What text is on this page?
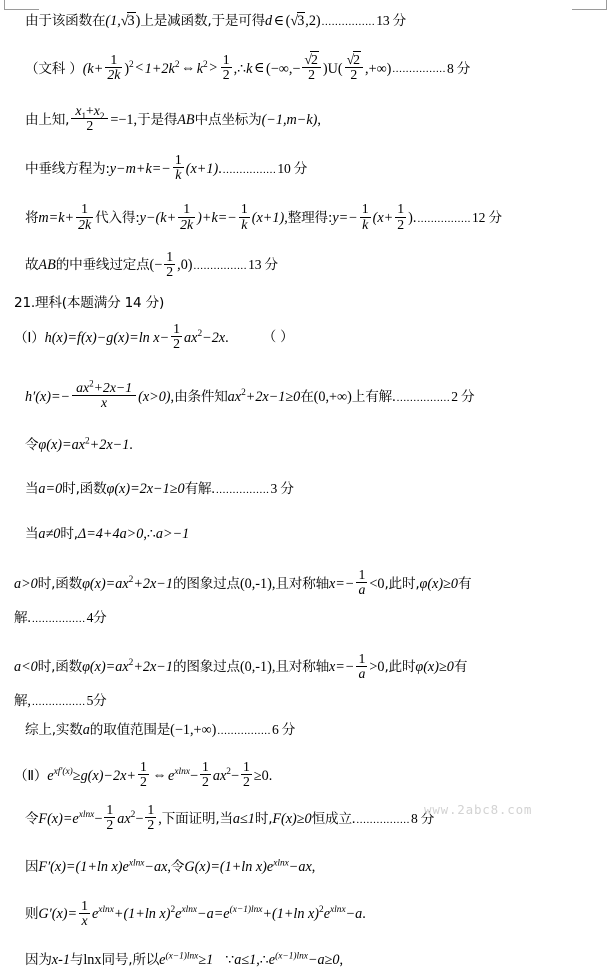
由于该函数在(1,√3)上是减函数,于是可得d ∈ (√3,2)................13 分
（文科 ）$(k+ \frac{1}{2k} )^2 < 1+2k^2$ ⇔ $k^2 > \frac{1}{2}$ ,∴k ∈ (−∞,− $\frac{√2}{2} )U( \frac{√2}{2} ,+\infty)................8$ 分
由上知, $\frac{x_1+x_2}{2} =-1$,于是得AB中点坐标为(−1,m−k),
中垂线方程为:y−m+k=− $\frac{1}{k} (x+1).................10$ 分
将$m=k+ \frac{1}{2k}$ 代入得:y−(k+ $\frac{1}{2k} )+k=- \frac{1}{k} (x+1)$,整理得:y=− $\frac{1}{k} (x+ \frac{1}{2} ).................12$ 分
故AB的中垂线过定点(− $\frac{1}{2} ,0)................13$ 分
21.理科(本题满分 14 分)
（Ⅰ）h(x)=f(x)−g(x)=ln $x- \frac{1}{2} ax^2-2x$.	（ ）
$h'(x)=- \frac{ax^2+2x-1}{x} (x>0)$,由条件知$ax^2+2x-1\ge 0$在(0,+∞)上有解.................2 分
令$\varphi(x)=ax^2+2x-1$.
当a=0时,函数φ(x)=2x−1≥0有解.................3 分
当a≠0时,Δ=4+4a>0,∴a>−1
a>0时,函数$\varphi(x)=ax^2+2x-1$的图象过点(0,-1),且对称轴$x=- \frac{1}{a} <0$,此时,φ(x)≥0有
解.................4分
a<0时,函数$\varphi(x)=ax^2+2x-1$的图象过点(0,-1),且对称轴$x=- \frac{1}{a} >0$,此时φ(x)≥0有
解,................5分
综上,实数a的取值范围是(−1,+∞)................6 分
$(Ⅱ)e^{xf'(x)}\ge g(x)-2x+ \frac{1}{2}$ ⇔ $e^{xlnx}- \frac{1}{2} ax^2- \frac{1}{2} \ge 0$.
令$F(x)=e^{xlnx}- \frac{1}{2} ax^2- \frac{1}{2}$ ,下面证明,当a≤1时,F(x)≥0恒成立.................8 分
因F′(x)=(1+ln $x)e^{xlnx}-ax$,令G(x)=(1+ln $x)e^{xlnx}-ax$,
则$G'(x)= \frac{1}{x} e^{xlnx}+(1+\ln$ $x)^2e^{xlnx}-a=e^{(x-1)lnx}+(1+\ln$ $x)^2e^{xlnx}-a$.
因为x-1与lnx同号,所以$e^{(x-1)lnx}\ge 1$ $\because a\le 1,\therefore e^{(x-1)lnx}-a\ge 0$,
www.2abc8.com
